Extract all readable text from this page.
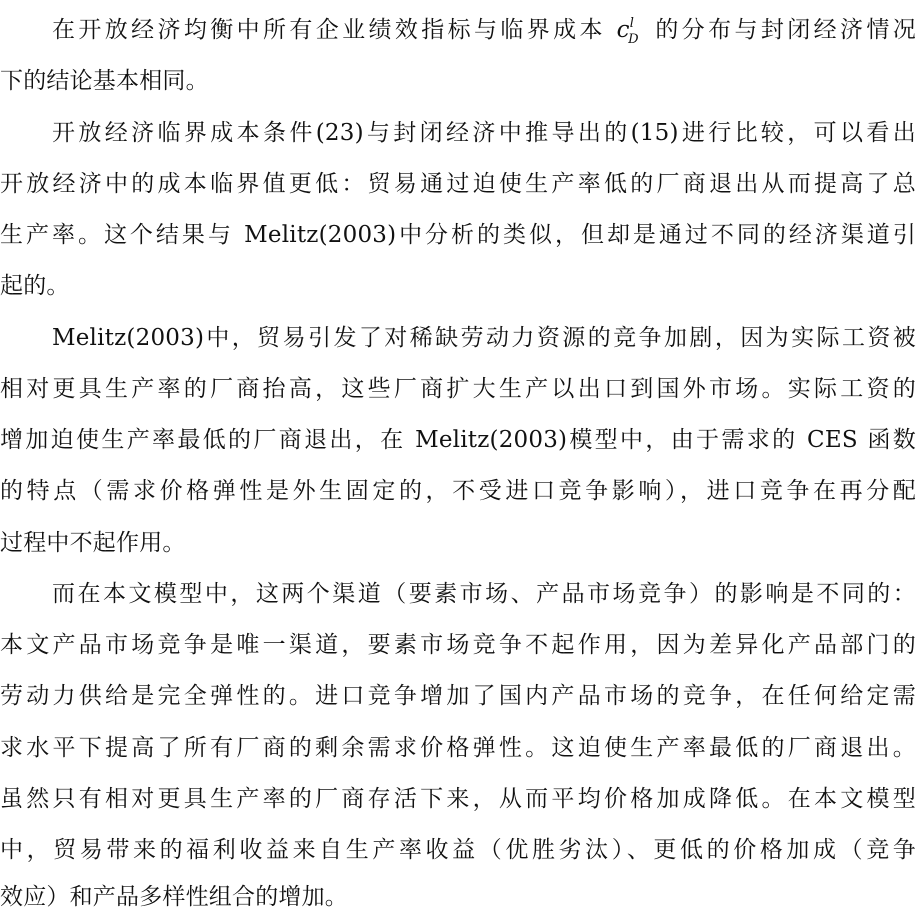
在开放经济均衡中所有企业绩效指标与临界成本 $c^l_D$ 的分布与封闭经济情况
下的结论基本相同。
开放经济临界成本条件(23)与封闭经济中推导出的(15)进行比较，可以看出
开放经济中的成本临界值更低：贸易通过迫使生产率低的厂商退出从而提高了总
生产率。这个结果与 Melitz(2003)中分析的类似，但却是通过不同的经济渠道引
起的。
Melitz(2003)中，贸易引发了对稀缺劳动力资源的竞争加剧，因为实际工资被
相对更具生产率的厂商抬高，这些厂商扩大生产以出口到国外市场。实际工资的
增加迫使生产率最低的厂商退出，在 Melitz(2003)模型中，由于需求的 CES 函数
的特点（需求价格弹性是外生固定的，不受进口竞争影响），进口竞争在再分配
过程中不起作用。
而在本文模型中，这两个渠道（要素市场、产品市场竞争）的影响是不同的：
本文产品市场竞争是唯一渠道，要素市场竞争不起作用，因为差异化产品部门的
劳动力供给是完全弹性的。进口竞争增加了国内产品市场的竞争，在任何给定需
求水平下提高了所有厂商的剩余需求价格弹性。这迫使生产率最低的厂商退出。
虽然只有相对更具生产率的厂商存活下来，从而平均价格加成降低。在本文模型
中，贸易带来的福利收益来自生产率收益（优胜劣汰）、更低的价格加成（竞争
效应）和产品多样性组合的增加。
